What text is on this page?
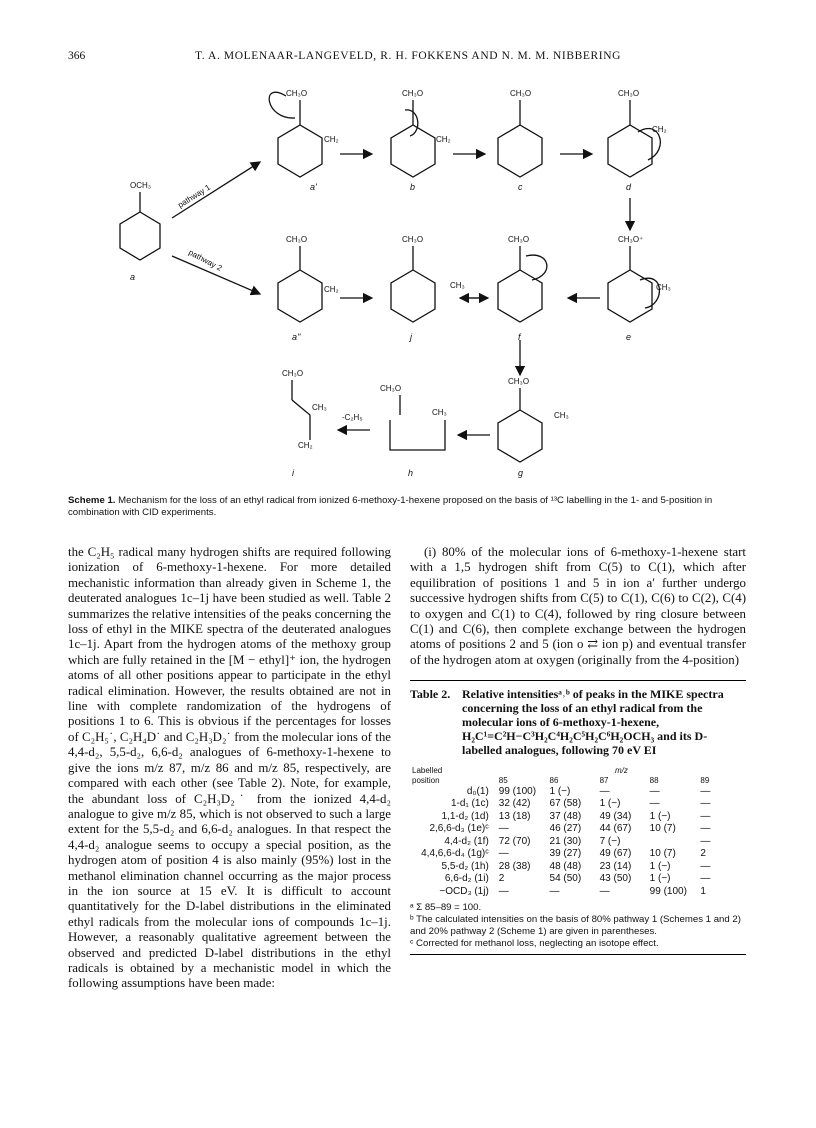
366	T. A. MOLENAAR-LANGEVELD, R. H. FOKKENS AND N. M. M. NIBBERING
OCH₃
CH₃O	CH₃O	CH₃O	CH₃O
CH₃O	CH₃O	CH₃O	CH₃O⁺
CH₃O
CH₃O
CH₃O
CH₂	CH₂
CH₂
CH₂	CH₃	CH₃
CH₃
CH₃
CH₃
CH₂
-C₂H₅
pathway 1
pathway 2
a
a'	b	c	d
a''	j	f	e
i	h	g
Scheme 1. Mechanism for the loss of an ethyl radical from ionized 6-methoxy-1-hexene proposed on the basis of ¹³C labelling in the 1- and 5-position in combination with CID experiments.

the C₂H₅ radical many hydrogen shifts are required following ionization of 6-methoxy-1-hexene. For more detailed mechanistic information than already given in Scheme 1, the deuterated analogues 1c–1j have been studied as well. Table 2 summarizes the relative intensities of the peaks concerning the loss of ethyl in the MIKE spectra of the deuterated analogues 1c–1j. Apart from the hydrogen atoms of the methoxy group which are fully retained in the [M − ethyl]⁺ ion, the hydrogen atoms of all other positions appear to participate in the ethyl radical elimination. However, the results obtained are not in line with complete randomization of the hydrogens of positions 1 to 6. This is obvious if the percentages for losses of C₂H₅˙, C₂H₄D˙ and C₂H₃D₂˙ from the molecular ions of the 4,4-d₂, 5,5-d₂, 6,6-d₂ analogues of 6-methoxy-1-hexene to give the ions m/z 87, m/z 86 and m/z 85, respectively, are compared with each other (see Table 2). Note, for example, the abundant loss of C₂H₃D₂˙ from the ionized 4,4-d₂ analogue to give m/z 85, which is not observed to such a large extent for the 5,5-d₂ and 6,6-d₂ analogues. In that respect the 4,4-d₂ analogue seems to occupy a special position, as the hydrogen atom of position 4 is also mainly (95%) lost in the methanol elimination channel occurring as the major process in the ion source at 15 eV. It is difficult to account quantitatively for the D-label distributions in the eliminated ethyl radicals from the molecular ions of compounds 1c–1j. However, a reasonably qualitative agreement between the observed and predicted D-label distributions in the ethyl radicals is obtained by a mechanistic model in which the following assumptions have been made:

(i) 80% of the molecular ions of 6-methoxy-1-hexene start with a 1,5 hydrogen shift from C(5) to C(1), which after equilibration of positions 1 and 5 in ion a′ further undergo successive hydrogen shifts from C(5) to C(1), C(6) to C(2), C(4) to oxygen and C(1) to C(4), followed by ring closure between C(1) and C(6), then complete exchange between the hydrogen atoms of positions 2 and 5 (ion o ⇄ ion p) and eventual transfer of the hydrogen atom at oxygen (originally from the 4-position)

Table 2. Relative intensitiesᵃ˒ᵇ of peaks in the MIKE spectra concerning the loss of an ethyl radical from the molecular ions of 6-methoxy-1-hexene, H₂C¹=C²H−C³H₂C⁴H₂C⁵H₂C⁶H₂OCH₃ and its D-labelled analogues, following 70 eV EI
Labelled	m/z				
position	85	86	87	88	89
d₀(1)	99 (100)	1 (−)	—	—	—
1-d₁ (1c)	32 (42)	67 (58)	1 (−)	—	—
1,1-d₂ (1d)	13 (18)	37 (48)	49 (34)	1 (−)	—
2,6,6-d₃ (1e)ᶜ	—	46 (27)	44 (67)	10 (7)	—
4,4-d₂ (1f)	72 (70)	21 (30)	7 (−)		—
4,4,6,6-d₄ (1g)ᶜ	—	39 (27)	49 (67)	10 (7)	2
5,5-d₂ (1h)	28 (38)	48 (48)	23 (14)	1 (−)	—
6,6-d₂ (1i)	2	54 (50)	43 (50)	1 (−)	—
−OCD₃ (1j)	—	—	—	99 (100)	1

ᵃ Σ 85–89 = 100.

ᵇ The calculated intensities on the basis of 80% pathway 1 (Schemes 1 and 2) and 20% pathway 2 (Scheme 1) are given in parentheses.

ᶜ Corrected for methanol loss, neglecting an isotope effect.
